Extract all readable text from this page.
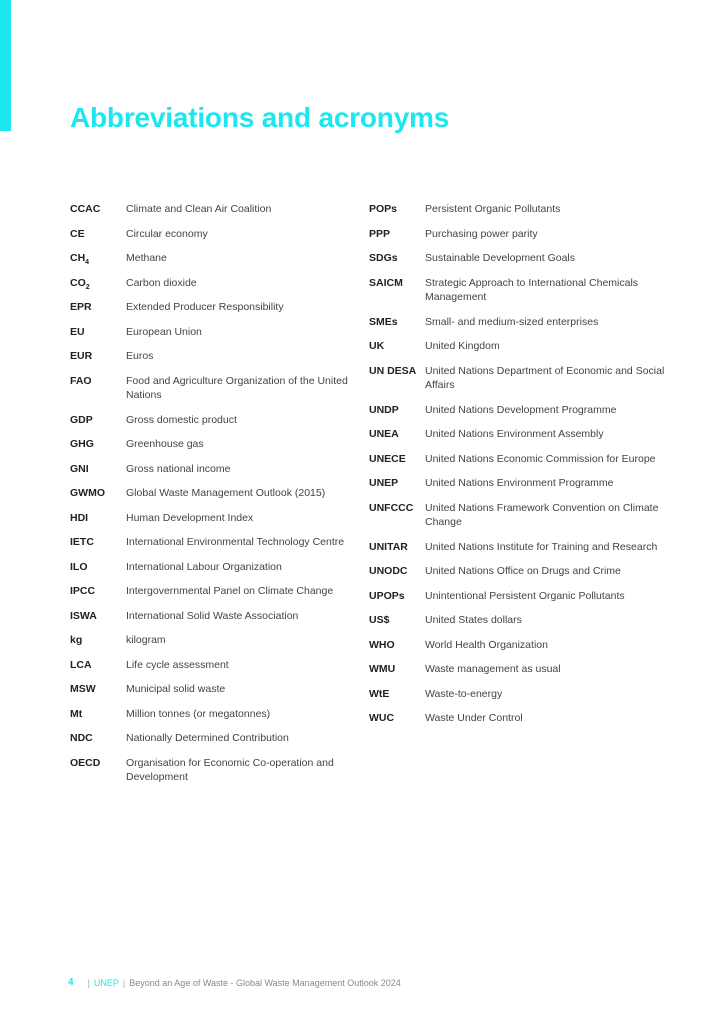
Abbreviations and acronyms
CCAC	Climate and Clean Air Coalition
CE	Circular economy
$CH_4$	Methane
$CO_2$	Carbon dioxide
EPR	Extended Producer Responsibility
EU	European Union
EUR	Euros
FAO	Food and Agriculture Organization of the United Nations
GDP	Gross domestic product
GHG	Greenhouse gas
GNI	Gross national income
GWMO	Global Waste Management Outlook (2015)
HDI	Human Development Index
IETC	International Environmental Technology Centre
ILO	International Labour Organization
IPCC	Intergovernmental Panel on Climate Change
ISWA	International Solid Waste Association
kg	kilogram
LCA	Life cycle assessment
MSW	Municipal solid waste
Mt	Million tonnes (or megatonnes)
NDC	Nationally Determined Contribution
OECD	Organisation for Economic Co-operation and Development
POPs	Persistent Organic Pollutants
PPP	Purchasing power parity
SDGs	Sustainable Development Goals
SAICM	Strategic Approach to International Chemicals Management
SMEs	Small- and medium-sized enterprises
UK	United Kingdom
UN DESA United Nations Department of Economic and Social Affairs
UNDP	United Nations Development Programme
UNEA	United Nations Environment Assembly
UNECE	United Nations Economic Commission for Europe
UNEP	United Nations Environment Programme
UNFCCC	United Nations Framework Convention on Climate Change
UNITAR	United Nations Institute for Training and Research
UNODC	United Nations Office on Drugs and Crime
UPOPs	Unintentional Persistent Organic Pollutants
US$	United States dollars
WHO	World Health Organization
WMU	Waste management as usual
WtE	Waste-to-energy
WUC	Waste Under Control
4 | UNEP | Beyond an Age of Waste - Global Waste Management Outlook 2024
